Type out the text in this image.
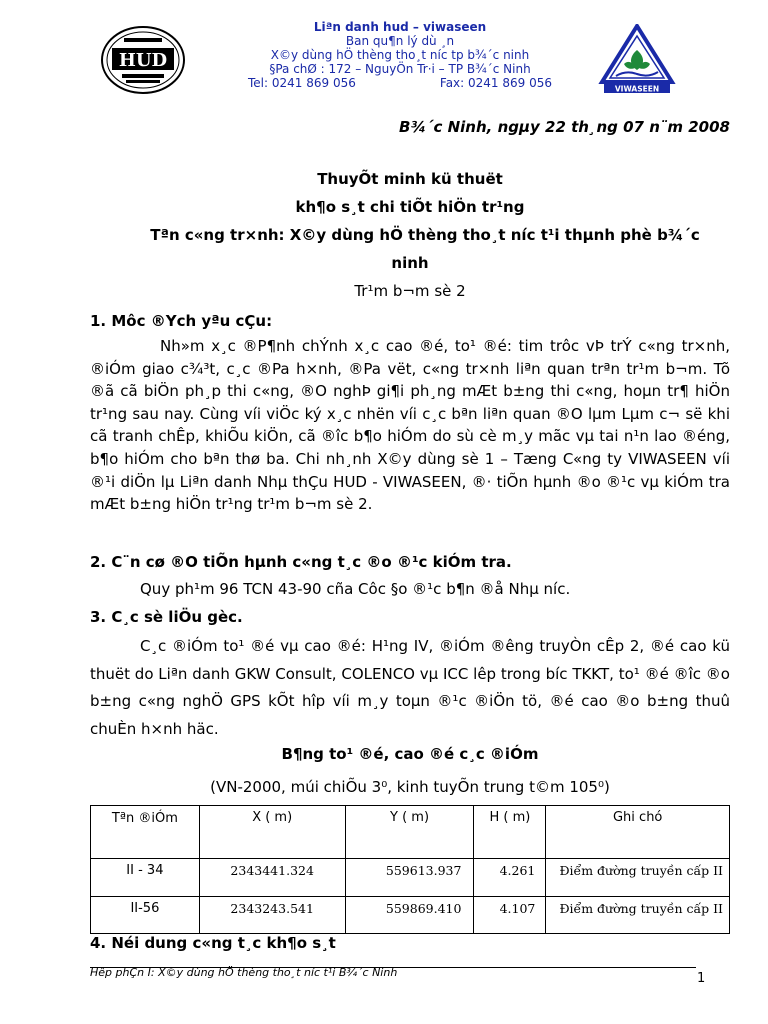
HUD
Liªn danh hud – viwaseen
Ban qu¶n lý dù ¸n
X©y dùng hÖ thèng tho¸t níc tp b¾´c ninh
§Pa chØ : 172 – NguyÖn Tr·i – TP B¾´c Ninh
Tel: 0241 869 056	Fax: 0241 869 056	VIWASEEN
B¾´c Ninh, ngµy 22 th¸ng 07 n¨m 2008
ThuyÕt minh kü thuët
kh¶o s¸t chi tiÕt hiÖn tr¹ng
Tªn c«ng tr×nh: X©y dùng hÖ thèng tho¸t níc t¹i thµnh phè b¾´c
ninh
Tr¹m b¬m sè 2
1. Môc ®Ych yªu cÇu:
Nh»m x¸c ®P¶nh chÝnh x¸c cao ®é, to¹ ®é: tim trôc vÞ trÝ c«ng tr×nh, ®iÓm giao c¾³t, c¸c ®Pa h×nh, ®Pa vët, c«ng tr×nh liªn quan trªn tr¹m b¬m. Tõ ®ã cã biÖn ph¸p thi c«ng, ®O nghÞ gi¶i ph¸ng mÆt b±ng thi c«ng, hoµn tr¶ hiÖn tr¹ng sau nay. Cùng víi viÖc ký x¸c nhën víi c¸c bªn liªn quan ®O lµm Lµm c¬ së khi cã tranh chÊp, khiÕu kiÖn, cã ®îc b¶o hiÓm do sù cè m¸y mãc vµ tai n¹n lao ®éng, b¶o hiÓm cho bªn thø ba. Chi nh¸nh X©y dùng sè 1 – Tæng C«ng ty VIWASEEN víi ®¹i diÖn lµ Liªn danh Nhµ thÇu HUD - VIWASEEN, ®· tiÕn hµnh ®o ®¹c vµ kiÓm tra mÆt b±ng hiÖn tr¹ng tr¹m b¬m sè 2.
2. C¨n cø ®O tiÕn hµnh c«ng t¸c ®o ®¹c kiÓm tra.
Quy ph¹m 96 TCN 43-90 cña Côc §o ®¹c b¶n ®å Nhµ níc.
3. C¸c sè liÖu gèc.
C¸c ®iÓm to¹ ®é vµ cao ®é: H¹ng IV, ®iÓm ®êng truyÒn cÊp 2, ®é cao kü thuët do Liªn danh GKW Consult, COLENCO vµ ICC lêp trong bíc TKKT, to¹ ®é ®îc ®o b±ng c«ng nghÖ GPS kÕt hîp víi m¸y toµn ®¹c ®iÖn tö, ®é cao ®o b±ng thuû chuÈn h×nh häc.
B¶ng to¹ ®é, cao ®é c¸c ®iÓm
(VN-2000, múi chiÕu 3⁰, kinh tuyÕn trung t©m 105⁰)
Tªn ®iÓm	X ( m)	Y ( m)	H ( m)	Ghi chó
II - 34	2343441.324	559613.937	4.261	Điểm đường truyền cấp II
II-56	2343243.541	559869.410	4.107	Điểm đường truyền cấp II
4. Néi dung c«ng t¸c kh¶o s¸t
Hêp phÇn I: X©y dùng hÖ thèng tho¸t níc t¹i B¾´c Ninh	1
